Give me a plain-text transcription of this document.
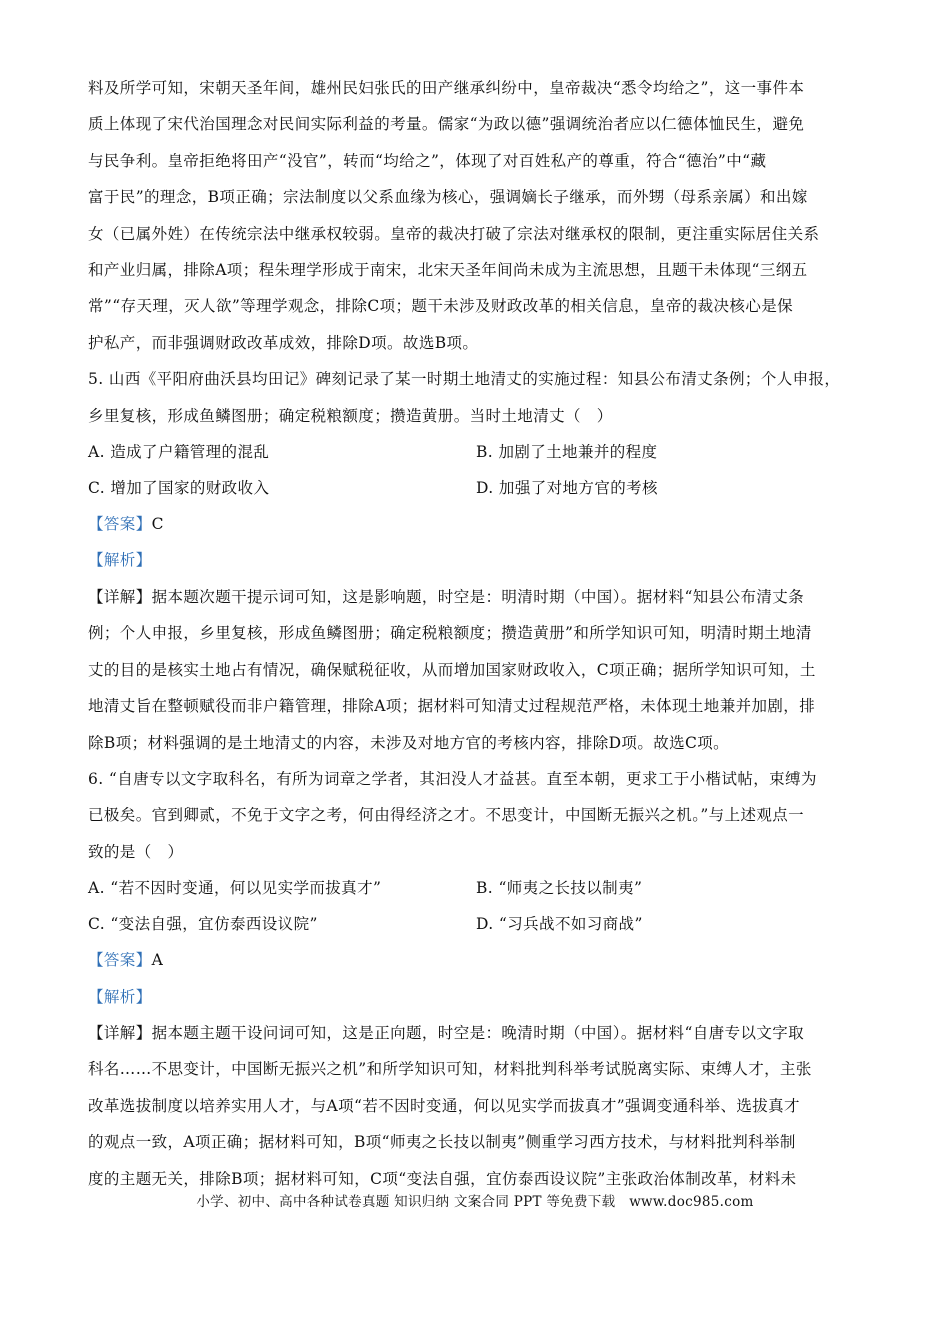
料及所学可知，宋朝天圣年间，雄州民妇张氏的田产继承纠纷中，皇帝裁决“悉令均给之”，这一事件本

质上体现了宋代治国理念对民间实际利益的考量。儒家“为政以德”强调统治者应以仁德体恤民生，避免

与民争利。皇帝拒绝将田产“没官”，转而“均给之”，体现了对百姓私产的尊重，符合“德治”中“藏

富于民”的理念，B项正确；宗法制度以父系血缘为核心，强调嫡长子继承，而外甥（母系亲属）和出嫁

女（已属外姓）在传统宗法中继承权较弱。皇帝的裁决打破了宗法对继承权的限制，更注重实际居住关系

和产业归属，排除A项；程朱理学形成于南宋，北宋天圣年间尚未成为主流思想，且题干未体现“三纲五

常”“存天理，灭人欲”等理学观念，排除C项；题干未涉及财政改革的相关信息，皇帝的裁决核心是保

护私产，而非强调财政改革成效，排除D项。故选B项。

5. 山西《平阳府曲沃县均田记》碑刻记录了某一时期土地清丈的实施过程：知县公布清丈条例；个人申报，

乡里复核，形成鱼鳞图册；确定税粮额度；攒造黄册。当时土地清丈（　）

A. 造成了户籍管理的混乱	B. 加剧了土地兼并的程度
C. 增加了国家的财政收入	D. 加强了对地方官的考核

【答案】C

【解析】

【详解】据本题次题干提示词可知，这是影响题，时空是：明清时期（中国）。据材料“知县公布清丈条

例；个人申报，乡里复核，形成鱼鳞图册；确定税粮额度；攒造黄册”和所学知识可知，明清时期土地清

丈的目的是核实土地占有情况，确保赋税征收，从而增加国家财政收入，C项正确；据所学知识可知，土

地清丈旨在整顿赋役而非户籍管理，排除A项；据材料可知清丈过程规范严格，未体现土地兼并加剧，排

除B项；材料强调的是土地清丈的内容，未涉及对地方官的考核内容，排除D项。故选C项。

6. “自唐专以文字取科名，有所为词章之学者，其汩没人才益甚。直至本朝，更求工于小楷试帖，束缚为

已极矣。官到卿贰，不免于文字之考，何由得经济之才。不思变计，中国断无振兴之机。”与上述观点一

致的是（　）

A. “若不因时变通，何以见实学而拔真才”	B. “师夷之长技以制夷”
C. “变法自强，宜仿泰西设议院”	D. “习兵战不如习商战”

【答案】A

【解析】

【详解】据本题主题干设问词可知，这是正向题，时空是：晚清时期（中国）。据材料“自唐专以文字取

科名……不思变计，中国断无振兴之机”和所学知识可知，材料批判科举考试脱离实际、束缚人才，主张

改革选拔制度以培养实用人才，与A项“若不因时变通，何以见实学而拔真才”强调变通科举、选拔真才

的观点一致，A项正确；据材料可知，B项“师夷之长技以制夷”侧重学习西方技术，与材料批判科举制

度的主题无关，排除B项；据材料可知，C项“变法自强，宜仿泰西设议院”主张政治体制改革，材料未

小学、初中、高中各种试卷真题 知识归纳 文案合同 PPT 等免费下载　www.doc985.com
